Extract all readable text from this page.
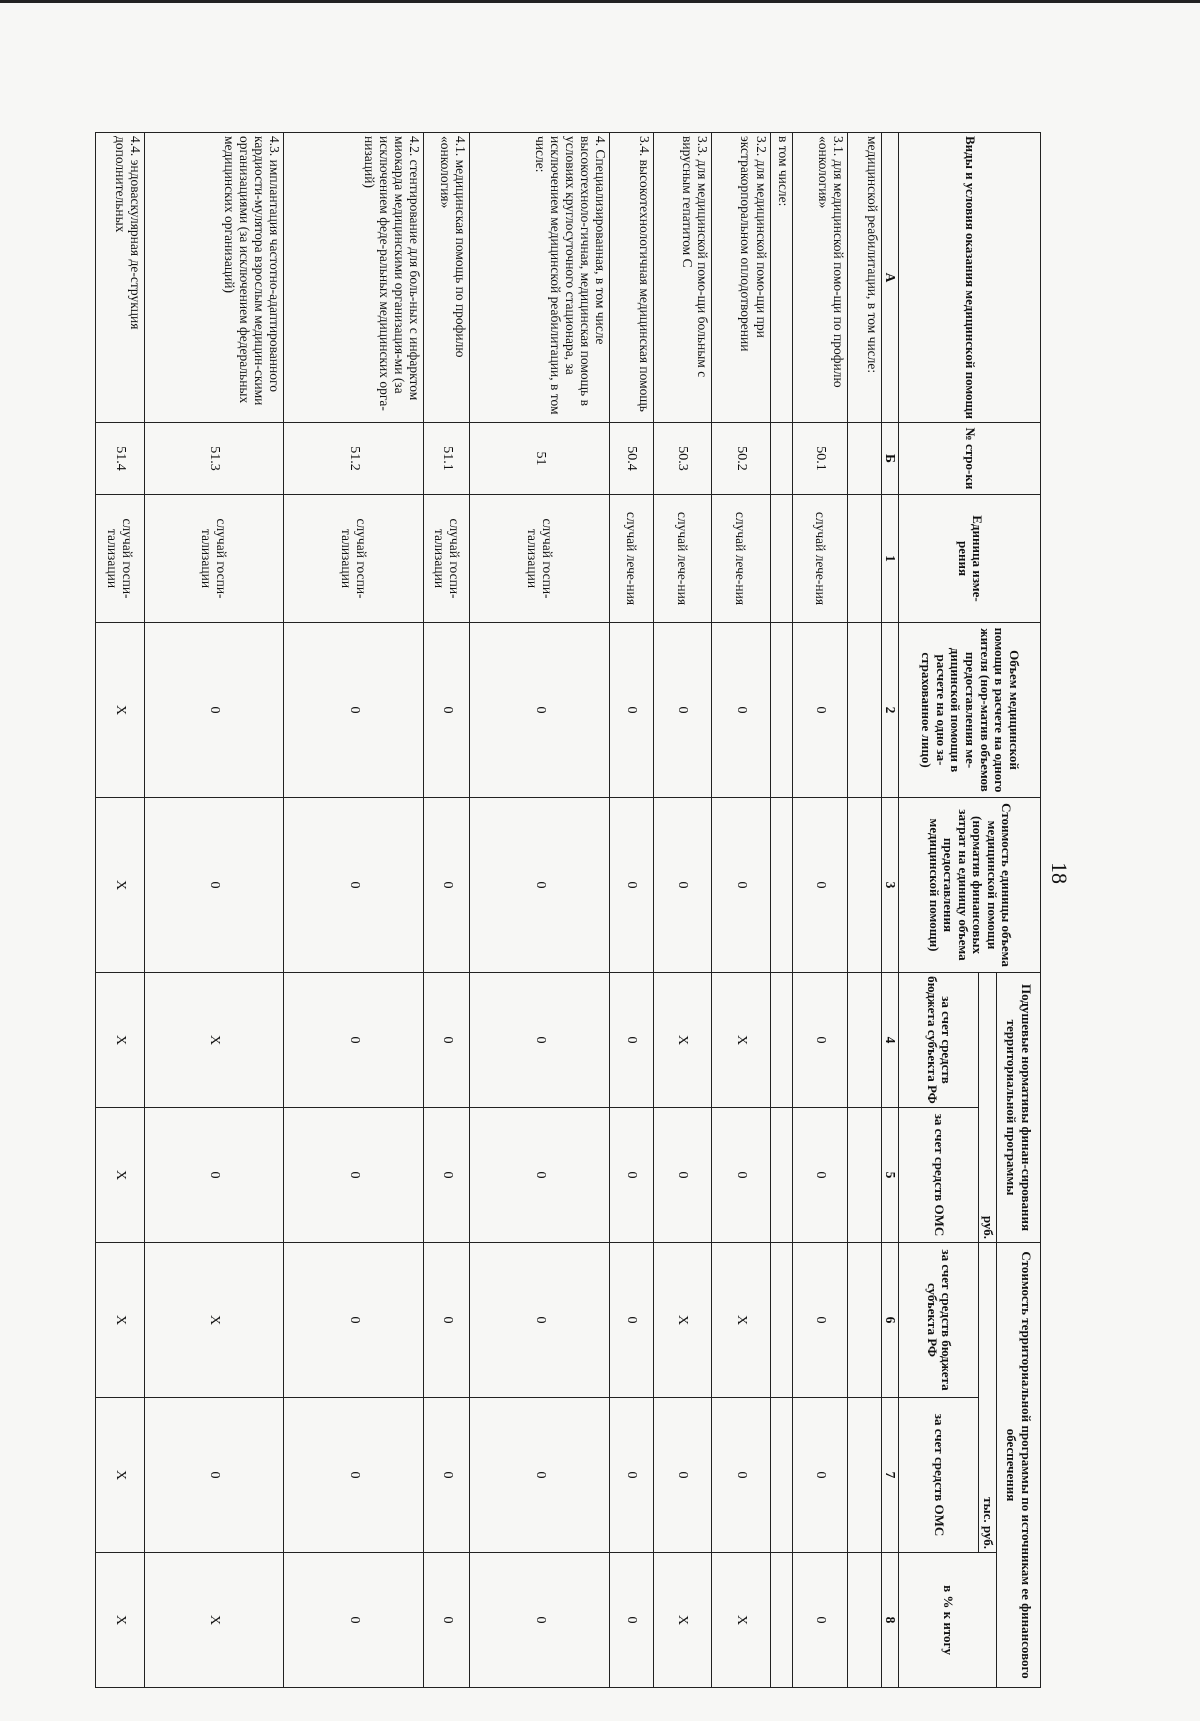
18
Виды и условия оказания медицинской помощи	№ стро-ки	Единица изме-рения	Объем медицинской помощи в расчете на одного жителя (нор-матив объемов предоставления ме-дицинской помощи в расчете на одно за-страхованное лицо)	Стоимость единицы объема медицинской помощи (норматив финансовых затрат на единицу объема предоставления медицинской помощи)	Подушевые нормативы финан-сирования территориальной программы		Стоимость территориальной программы по источникам ее финансового обеспечения		
					руб.		тыс. руб.		в % к итогу
					за счет средств бюджета субъекта РФ	за счет средств ОМС	за счет средств бюджета субъекта РФ	за счет средств ОМС	
А	Б	1	2	3	4	5	6	7	8
медицинской реабилитации, в том числе:									
3.1. для медицинской помо-щи по профилю «онкология»	50.1	случай лече-ния	0	0	0	0	0	0	0
в том числе:									
3.2. для медицинской помо-щи при экстракорпоральном оплодотворении	50.2	случай лече-ния	0	0	X	0	X	0	X
3.3. для медицинской помо-щи больным с вирусным гепатитом С	50.3	случай лече-ния	0	0	X	0	X	0	X
3.4. высокотехнологичная медицинская помощь	50.4	случай лече-ния	0	0	0	0	0	0	0
4. Специализированная, в том числе высокотехноло-гичная, медицинская помощь в условиях круглосуточного стационара, за исключением медицинской реабилитации, в том числе:	51	случай госпи-тализации	0	0	0	0	0	0	0
4.1. медицинская помощь по профилю «онкология»	51.1	случай госпи-тализации	0	0	0	0	0	0	0
4.2. стентирование для боль-ных с инфарктом миокарда медицинскими организация-ми (за исключением феде-ральных медицинских орга-низаций)	51.2	случай госпи-тализации	0	0	0	0	0	0	0
4.3. имплантация частотно-адаптированного кардиости-мулятора взрослым медицин-скими организациями (за исключением федеральных медицинских организаций)	51.3	случай госпи-тализации	0	0	X	0	X	0	X
4.4. эндоваскулярная де-струкция дополнительных	51.4	случай госпи-тализации	X	X	X	X	X	X	X
